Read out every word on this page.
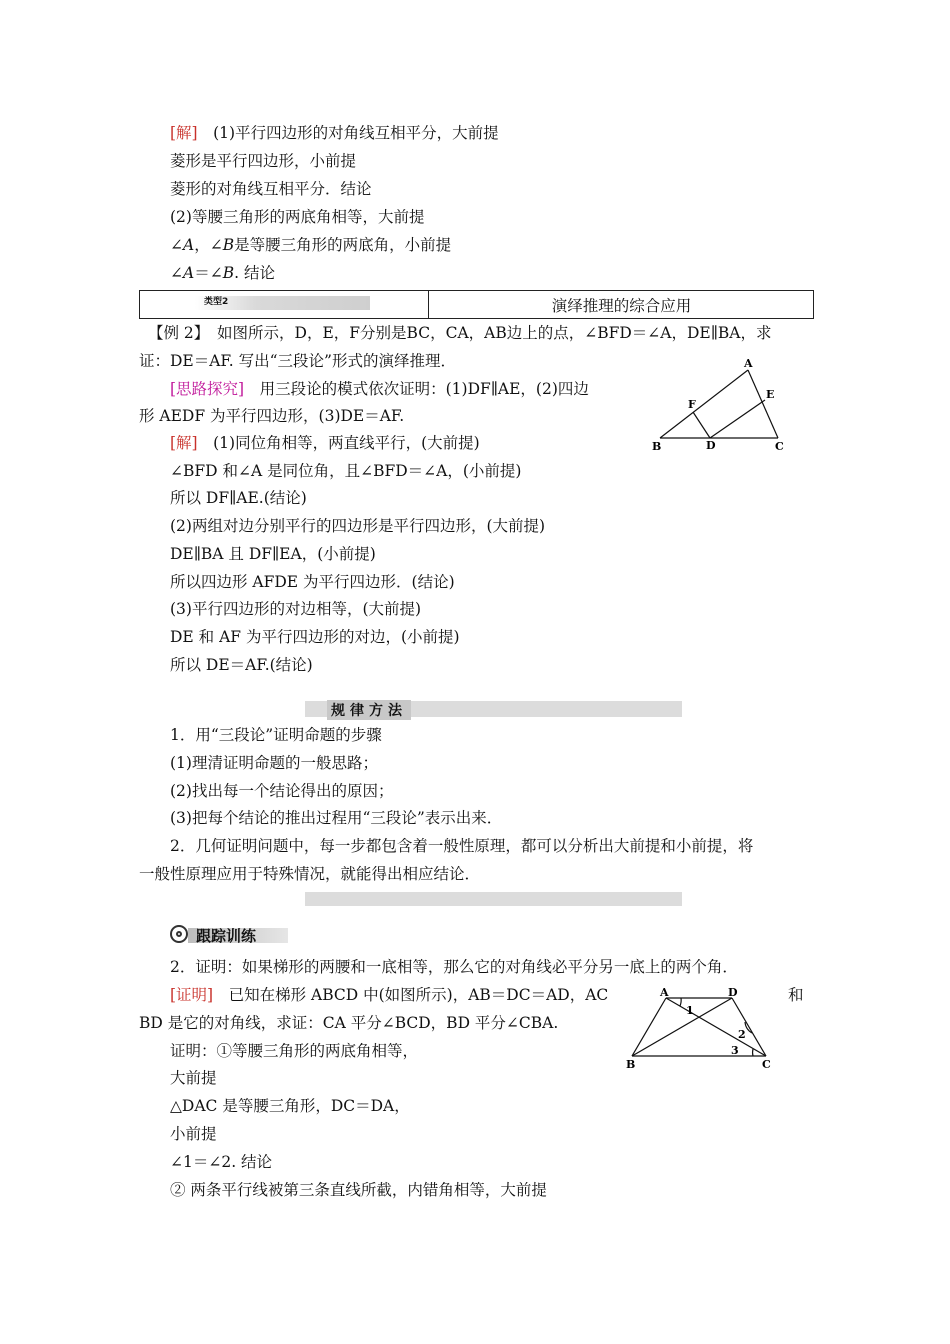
[解]　 (1)平行四边形的对角线互相平分，大前提
菱形是平行四边形，小前提
菱形的对角线互相平分．结论
(2)等腰三角形的两底角相等，大前提
∠A，∠B是等腰三角形的两底角，小前提
∠A＝∠B. 结论
类型2	演绎推理的综合应用
【例 2】　如图所示，D，E，F分别是BC，CA，AB边上的点，∠BFD＝∠A，DE∥BA，求
证：DE＝AF. 写出“三段论”形式的演绎推理．
[思路探究]　用三段论的模式依次证明：(1)DF∥AE，(2)四边
形 AEDF 为平行四边形，(3)DE＝AF.
[解]　(1)同位角相等，两直线平行，(大前提)
∠BFD 和∠A 是同位角，且∠BFD＝∠A，(小前提)
所以 DF∥AE.(结论)
(2)两组对边分别平行的四边形是平行四边形，(大前提)
DE∥BA 且 DF∥EA，(小前提)
所以四边形 AFDE 为平行四边形．(结论)
(3)平行四边形的对边相等，(大前提)
DE 和 AF 为平行四边形的对边，(小前提)
所以 DE＝AF.(结论)
A
B	C
D
E
F
规律方法
1．用“三段论”证明命题的步骤
(1)理清证明命题的一般思路；
(2)找出每一个结论得出的原因；
(3)把每个结论的推出过程用“三段论”表示出来．
2．几何证明问题中，每一步都包含着一般性原理，都可以分析出大前提和小前提，将
一般性原理应用于特殊情况，就能得出相应结论．
跟踪训练
2．证明：如果梯形的两腰和一底相等，那么它的对角线必平分另一底上的两个角．
[证明]　已知在梯形 ABCD 中(如图所示)，AB＝DC＝AD，AC	和
BD 是它的对角线，求证：CA 平分∠BCD，BD 平分∠CBA.
证明：①等腰三角形的两底角相等，
大前提
△DAC 是等腰三角形，DC＝DA，
小前提
∠1＝∠2. 结论
② 两条平行线被第三条直线所截，内错角相等，大前提
A	D
B	C
1
2
3
